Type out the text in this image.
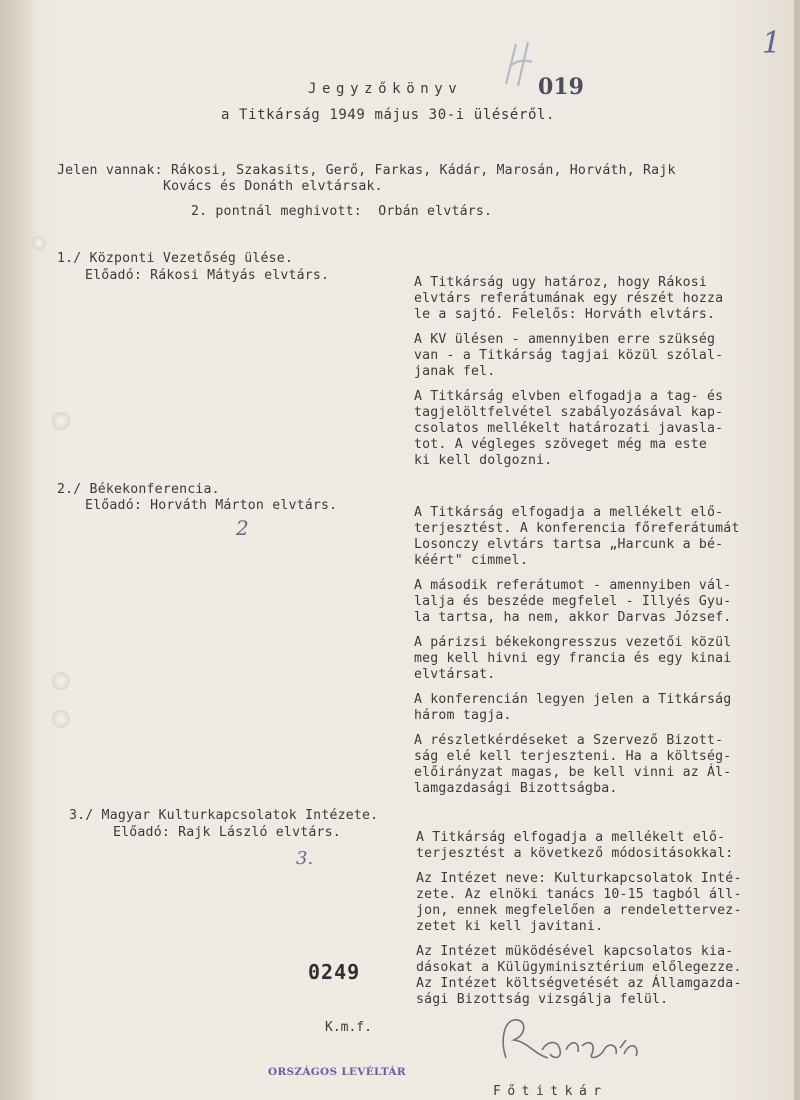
1
019
Jegyzőkönyv
a Titkárság 1949 május 30-i üléséről.
Jelen vannak: Rákosi, Szakasits, Gerő, Farkas, Kádár, Marosán, Horváth, Rajk
Kovács és Donáth elvtársak.
2. pontnál meghivott:  Orbán elvtárs.
1./ Központi Vezetőség ülése.
Előadó: Rákosi Mátyás elvtárs.	A Titkárság ugy határoz, hogy Rákosi
elvtárs referátumának egy részét hozza
le a sajtó. Felelős: Horváth elvtárs.
A KV ülésen - amennyiben erre szükség
van - a Titkárság tagjai közül szólal-
janak fel.
A Titkárság elvben elfogadja a tag- és
tagjelöltfelvétel szabályozásával kap-
csolatos mellékelt határozati javasla-
tot. A végleges szöveget még ma este
ki kell dolgozni.
2./ Békekonferencia.
Előadó: Horváth Márton elvtárs.
2
A Titkárság elfogadja a mellékelt elő-
terjesztést. A konferencia főreferátumát
Losonczy elvtárs tartsa „Harcunk a bé-
kéért" cimmel.
A második referátumot - amennyiben vál-
lalja és beszéde megfelel - Illyés Gyu-
la tartsa, ha nem, akkor Darvas József.
A párizsi békekongresszus vezetői közül
meg kell hivni egy francia és egy kinai
elvtársat.
A konferencián legyen jelen a Titkárság
három tagja.
A részletkérdéseket a Szervező Bizott-
ság elé kell terjeszteni. Ha a költség-
előirányzat magas, be kell vinni az Ál-
lamgazdasági Bizottságba.
3./ Magyar Kulturkapcsolatok Intézete.
Előadó: Rajk László elvtárs.
3.
A Titkárság elfogadja a mellékelt elő-
terjesztést a következő módositásokkal:
Az Intézet neve: Kulturkapcsolatok Inté-
zete. Az elnöki tanács 10-15 tagból áll-
jon, ennek megfelelően a rendelettervez-
zetet ki kell javitani.
Az Intézet müködésével kapcsolatos kia-
dásokat a Külügyminisztérium előlegezze.
Az Intézet költségvetését az Államgazda-
sági Bizottság vizsgálja felül.
0249
K.m.f.
ORSZÁGOS LEVÉLTÁR
Főtitkár
